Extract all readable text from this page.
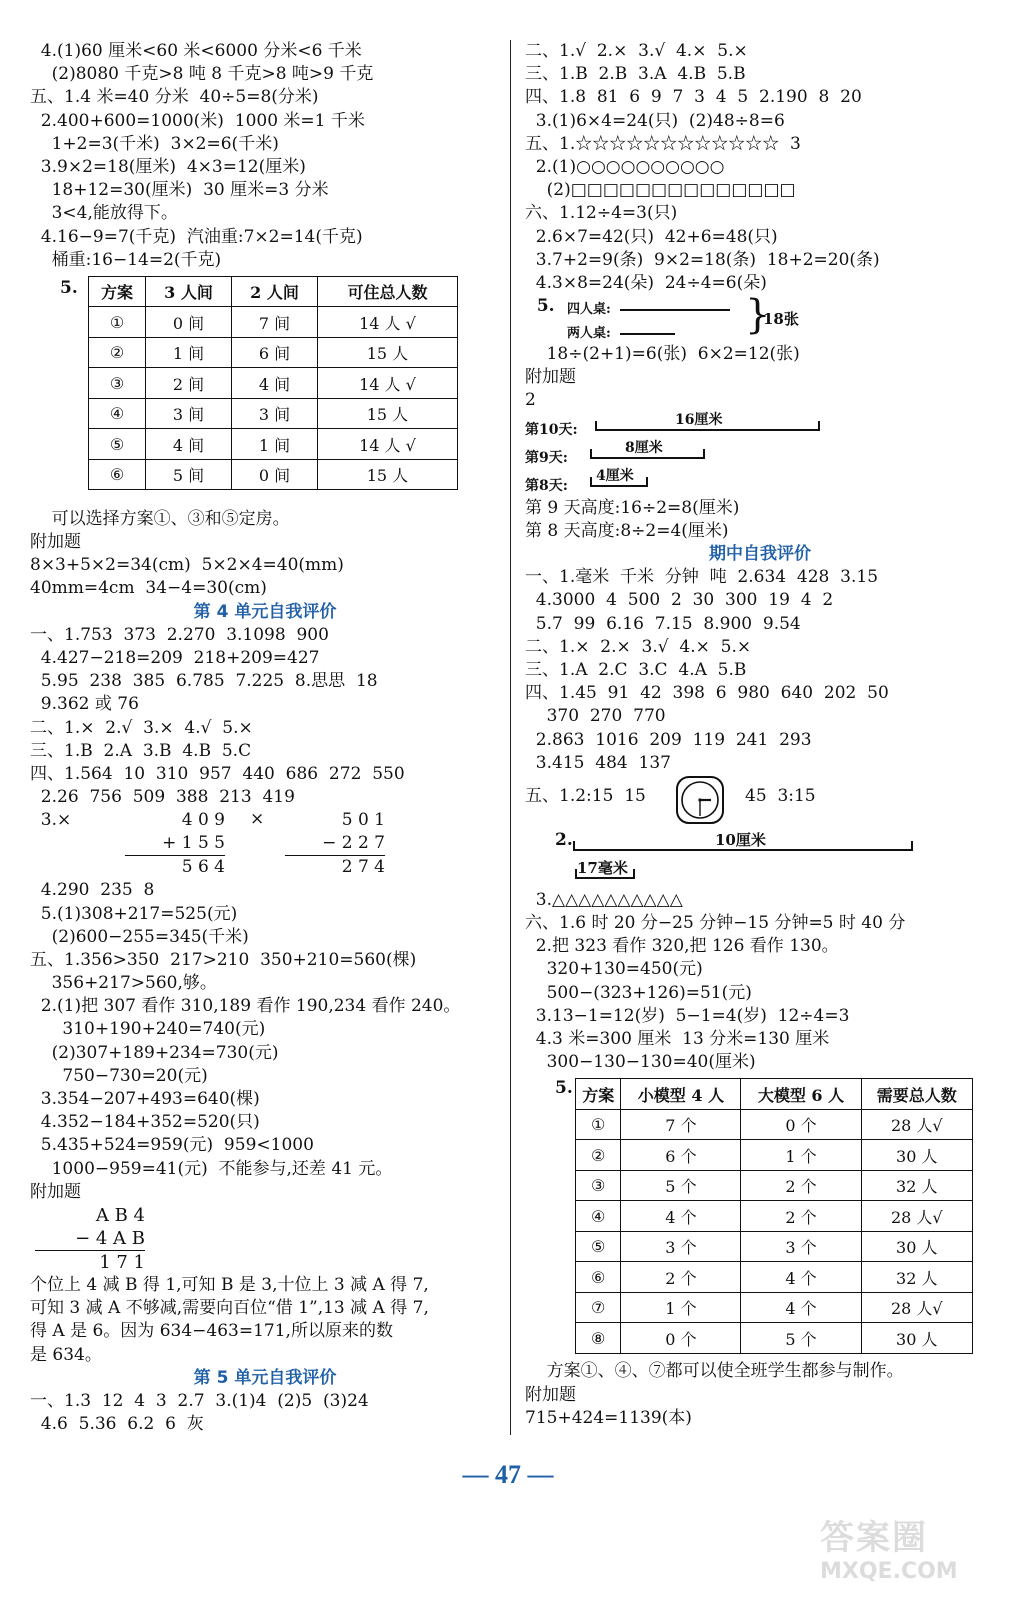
4.(1)60 厘米<60 米<6000 分米<6 千米
(2)8080 千克>8 吨 8 千克>8 吨>9 千克
五、1.4 米=40 分米  40÷5=8(分米)
2.400+600=1000(米)  1000 米=1 千米
1+2=3(千米)  3×2=6(千米)
3.9×2=18(厘米)  4×3=12(厘米)
18+12=30(厘米)  30 厘米=3 分米
3<4,能放得下。
4.16−9=7(千克)  汽油重:7×2=14(千克)
桶重:16−14=2(千克)
5. 方案	3 人间	2 人间	可住总人数
①	0 间	7 间	14 人 √
②	1 间	6 间	15 人
③	2 间	4 间	14 人 √
④	3 间	3 间	15 人
⑤	4 间	1 间	14 人 √
⑥	5 间	0 间	15 人
可以选择方案①、③和⑤定房。
附加题
8×3+5×2=34(cm)  5×2×4=40(mm)
40mm=4cm  34−4=30(cm)
第 4 单元自我评价
一、1.753  373  2.270  3.1098  900
4.427−218=209  218+209=427
5.95  238  385  6.785  7.225  8.思思  18
9.362 或 76
二、1.×  2.√  3.×  4.√  5.×
三、1.B  2.A  3.B  4.B  5.C
四、1.564  10  310  957  440  686  272  550
2.26  756  509  388  213  419
3.×	4 0 9
+ 1 5 5
5 6 4
×	5 0 1
− 2 2 7
2 7 4
4.290  235  8
5.(1)308+217=525(元)
(2)600−255=345(千米)
五、1.356>350  217>210  350+210=560(棵)
356+217>560,够。
2.(1)把 307 看作 310,189 看作 190,234 看作 240。
310+190+240=740(元)
(2)307+189+234=730(元)
750−730=20(元)
3.354−207+493=640(棵)
4.352−184+352=520(只)
5.435+524=959(元)  959<1000
1000−959=41(元)  不能参与,还差 41 元。
附加题
A B 4
− 4 A B
1 7 1
个位上 4 减 B 得 1,可知 B 是 3,十位上 3 减 A 得 7,
可知 3 减 A 不够减,需要向百位“借 1”,13 减 A 得 7,
得 A 是 6。因为 634−463=171,所以原来的数
是 634。
第 5 单元自我评价
一、1.3  12  4  3  2.7  3.(1)4  (2)5  (3)24
4.6  5.36  6.2  6  灰
二、1.√  2.×  3.√  4.×  5.×
三、1.B  2.B  3.A  4.B  5.B
四、1.8  81  6  9  7  3  4  5  2.190  8  20
3.(1)6×4=24(只)  (2)48÷8=6
五、1.☆☆☆☆☆☆☆☆☆☆☆☆  3
2.(1)○○○○○○○○○○
(2)□□□□□□□□□□□□□□
六、1.12÷4=3(只)
2.6×7=42(只)  42+6=48(只)
3.7+2=9(条)  9×2=18(条)  18+2=20(条)
4.3×8=24(朵)  24÷4=6(朵)
5. 四人桌:
两人桌:	}
18张
18÷(2+1)=6(张)  6×2=12(张)
附加题
2
第10天:
16厘米
第9天:
8厘米
第8天:
4厘米
第 9 天高度:16÷2=8(厘米)
第 8 天高度:8÷2=4(厘米)
期中自我评价
一、1.毫米  千米  分钟  吨  2.634  428  3.15
4.3000  4  500  2  30  300  19  4  2
5.7  99  6.16  7.15  8.900  9.54
二、1.×  2.×  3.√  4.×  5.×
三、1.A  2.C  3.C  4.A  5.B
四、1.45  91  42  398  6  980  640  202  50
370  270  770
2.863  1016  209  119  241  293
3.415  484  137
五、1.2:15  15	45  3:15
2.	10厘米
17毫米
3.△△△△△△△△△△
六、1.6 时 20 分−25 分钟−15 分钟=5 时 40 分
2.把 323 看作 320,把 126 看作 130。
320+130=450(元)
500−(323+126)=51(元)
3.13−1=12(岁)  5−1=4(岁)  12÷4=3
4.3 米=300 厘米  13 分米=130 厘米
300−130−130=40(厘米)
5. 方案	小模型 4 人	大模型 6 人	需要总人数
①	7 个	0 个	28 人√
②	6 个	1 个	30 人
③	5 个	2 个	32 人
④	4 个	2 个	28 人√
⑤	3 个	3 个	30 人
⑥	2 个	4 个	32 人
⑦	1 个	4 个	28 人√
⑧	0 个	5 个	30 人
方案①、④、⑦都可以使全班学生都参与制作。
附加题
715+424=1139(本)
— 47 —
答案圈
MXQE.COM
